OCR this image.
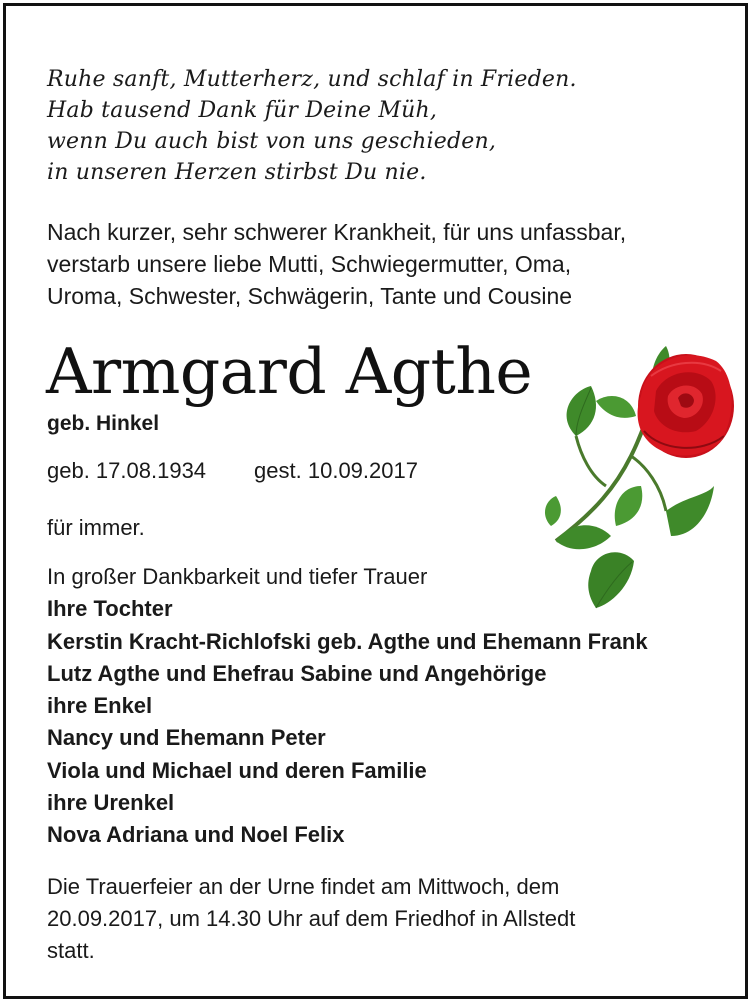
Ruhe sanft, Mutterherz, und schlaf in Frieden.
Hab tausend Dank für Deine Müh,
wenn Du auch bist von uns geschieden,
in unseren Herzen stirbst Du nie.
Nach kurzer, sehr schwerer Krankheit, für uns unfassbar,
verstarb unsere liebe Mutti, Schwiegermutter, Oma,
Uroma, Schwester, Schwägerin, Tante und Cousine
Armgard Agthe
geb. Hinkel
geb. 17.08.1934 gest. 10.09.2017
für immer.
In großer Dankbarkeit und tiefer Trauer
Ihre Tochter
Kerstin Kracht-Richlofski geb. Agthe und Ehemann Frank
Lutz Agthe und Ehefrau Sabine und Angehörige
ihre Enkel
Nancy und Ehemann Peter
Viola und Michael und deren Familie
ihre Urenkel
Nova Adriana und Noel Felix
Die Trauerfeier an der Urne findet am Mittwoch, dem
20.09.2017, um 14.30 Uhr auf dem Friedhof in Allstedt
statt.
